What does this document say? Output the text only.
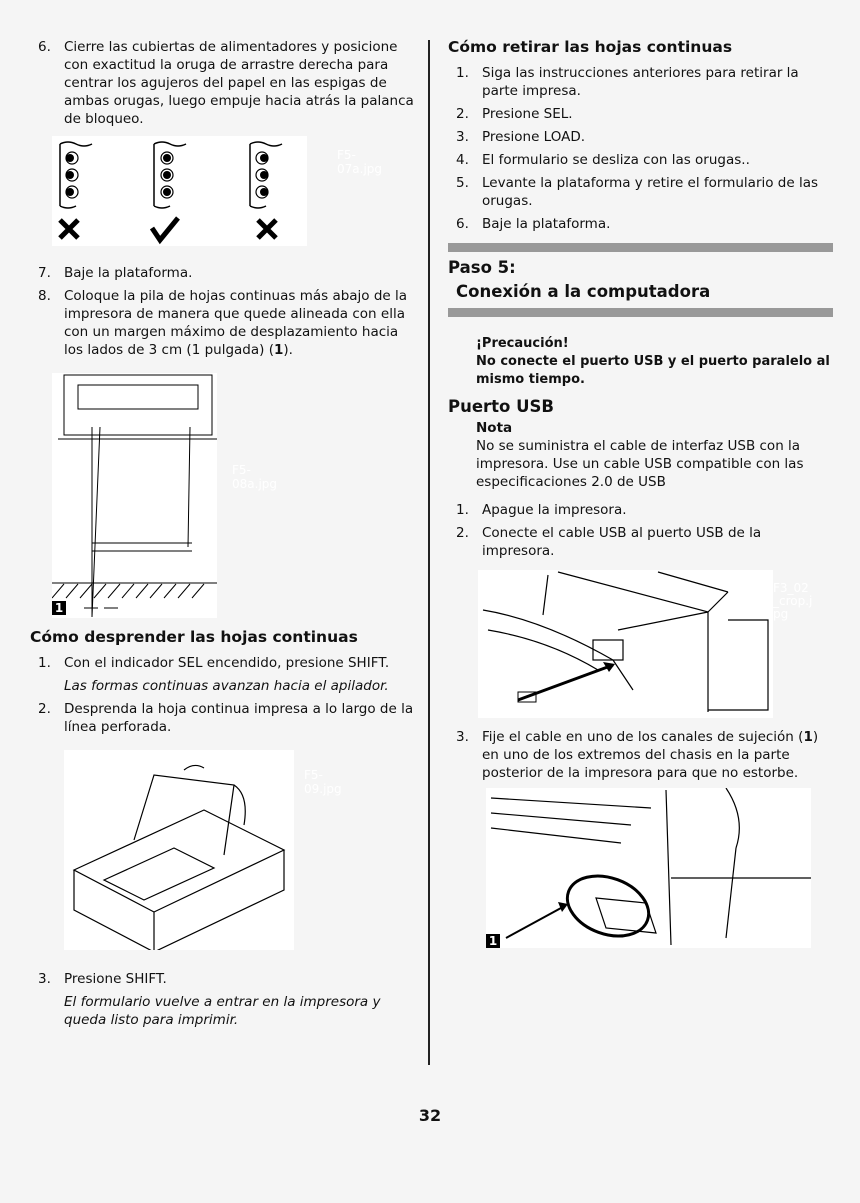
6. Cierre las cubiertas de alimentadores y posicione con exactitud la oruga de arrastre derecha para centrar los agujeros del papel en las espigas de ambas orugas, luego empuje hacia atrás la palanca de bloqueo.
F5-07a.jpg
7. Baje la plataforma.
8. Coloque la pila de hojas continuas más abajo de la impresora de manera que quede alineada con ella con un margen máximo de desplazamiento hacia los lados de 3 cm (1 pulgada) (1).
F5-08a.jpg
1
Cómo desprender las hojas continuas
1. Con el indicador SEL encendido, presione SHIFT.
Las formas continuas avanzan hacia el apilador.
2. Desprenda la hoja continua impresa a lo largo de la línea perforada.
F5-09.jpg
3. Presione SHIFT.
El formulario vuelve a entrar en la impresora y queda listo para imprimir.
Cómo retirar las hojas continuas
1. Siga las instrucciones anteriores para retirar la parte impresa.
2. Presione SEL.
3. Presione LOAD.
4. El formulario se desliza con las orugas..
5. Levante la plataforma y retire el formulario de las orugas.
6. Baje la plataforma.
Paso 5:
Conexión a la computadora
¡Precaución!
No conecte el puerto USB y el puerto paralelo al mismo tiempo.
Puerto USB
Nota
No se suministra el cable de interfaz USB con la impresora. Use un cable USB compatible con las especificaciones 2.0 de USB
1. Apague la impresora.
2. Conecte el cable USB al puerto USB de la impresora.
F3_02_crop.jpg
3. Fije el cable en uno de los canales de sujeción (1) en uno de los extremos del chasis en la parte posterior de la impresora para que no estorbe.
1
32
